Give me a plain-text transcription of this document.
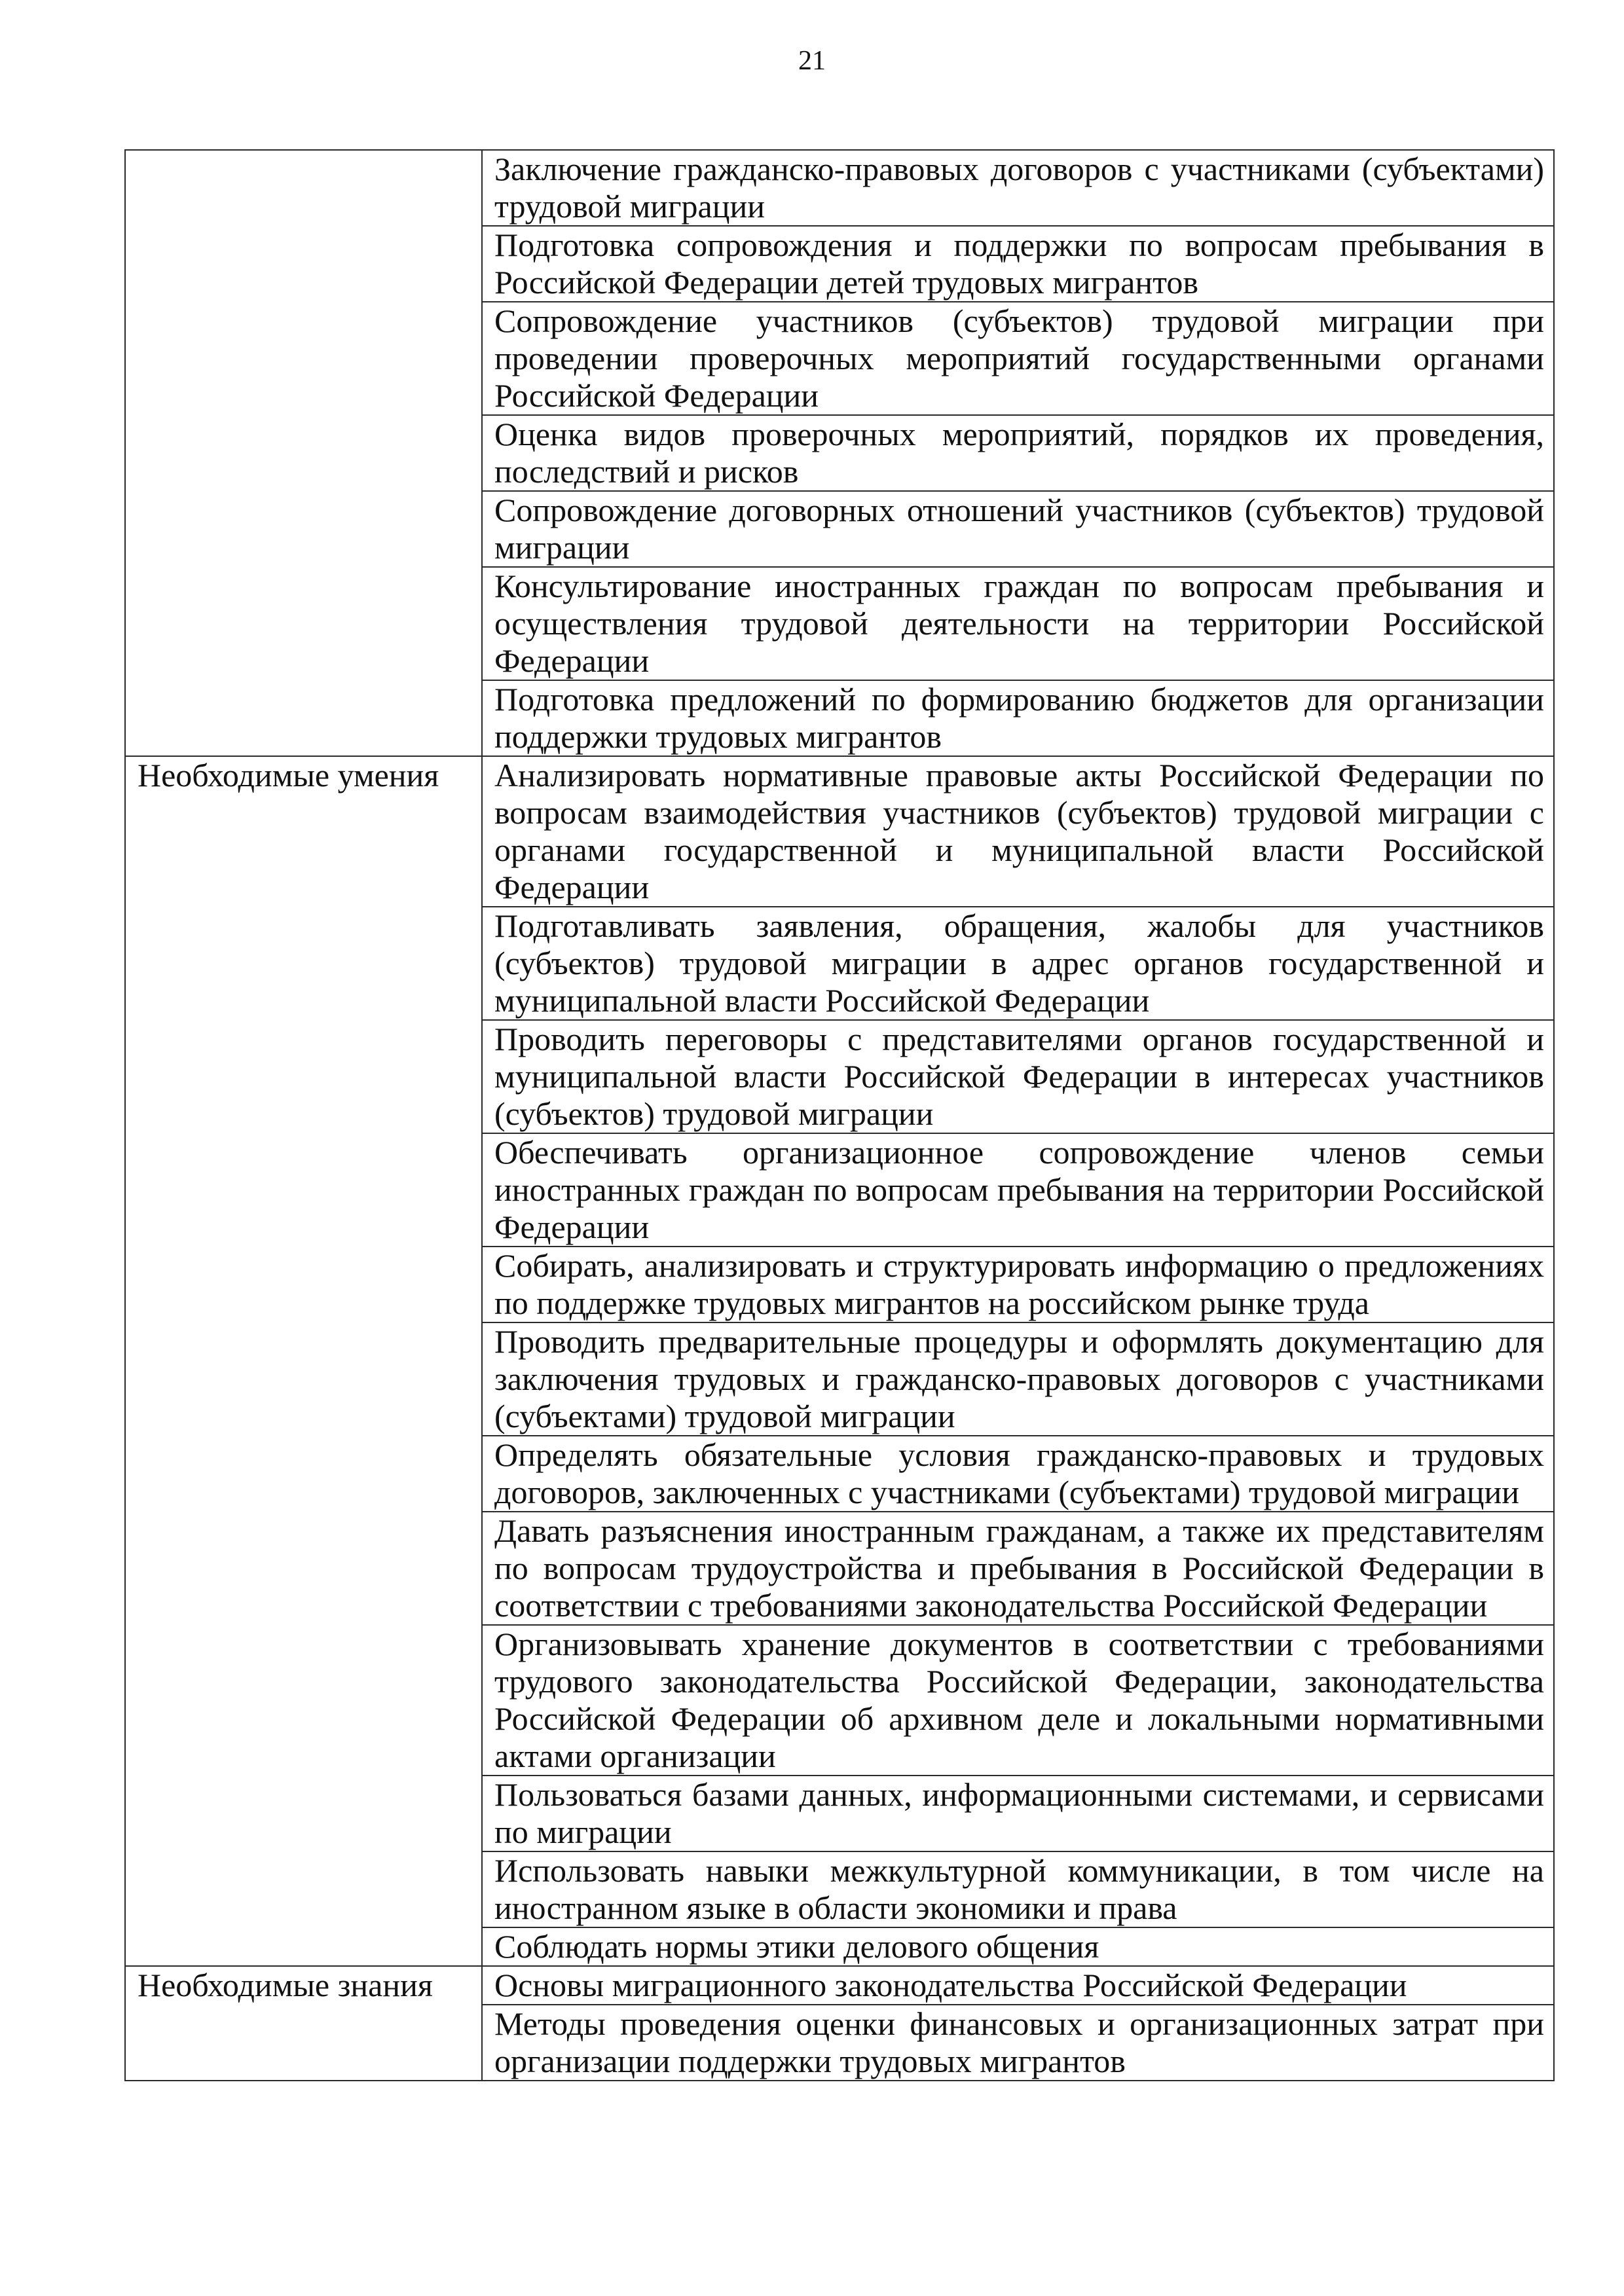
21
	Заключение гражданско-правовых договоров с участниками (субъектами) трудовой миграции
	Подготовка сопровождения и поддержки по вопросам пребывания в Российской Федерации детей трудовых мигрантов
	Сопровождение участников (субъектов) трудовой миграции при проведении проверочных мероприятий государственными органами Российской Федерации
	Оценка видов проверочных мероприятий, порядков их проведения, последствий и рисков
	Сопровождение договорных отношений участников (субъектов) трудовой миграции
	Консультирование иностранных граждан по вопросам пребывания и осуществления трудовой деятельности на территории Российской Федерации
	Подготовка предложений по формированию бюджетов для организации поддержки трудовых мигрантов
Необходимые умения	Анализировать нормативные правовые акты Российской Федерации по вопросам взаимодействия участников (субъектов) трудовой миграции с органами государственной и муниципальной власти Российской Федерации
	Подготавливать заявления, обращения, жалобы для участников (субъектов) трудовой миграции в адрес органов государственной и муниципальной власти Российской Федерации
	Проводить переговоры с представителями органов государственной и муниципальной власти Российской Федерации в интересах участников (субъектов) трудовой миграции
	Обеспечивать организационное сопровождение членов семьи иностранных граждан по вопросам пребывания на территории Российской Федерации
	Собирать, анализировать и структурировать информацию о предложениях по поддержке трудовых мигрантов на российском рынке труда
	Проводить предварительные процедуры и оформлять документацию для заключения трудовых и гражданско-правовых договоров с участниками (субъектами) трудовой миграции
	Определять обязательные условия гражданско-правовых и трудовых договоров, заключенных с участниками (субъектами) трудовой миграции
	Давать разъяснения иностранным гражданам, а также их представителям по вопросам трудоустройства и пребывания в Российской Федерации в соответствии с требованиями законодательства Российской Федерации
	Организовывать хранение документов в соответствии с требованиями трудового законодательства Российской Федерации, законодательства Российской Федерации об архивном деле и локальными нормативными актами организации
	Пользоваться базами данных, информационными системами, и сервисами по миграции
	Использовать навыки межкультурной коммуникации, в том числе на иностранном языке в области экономики и права
	Соблюдать нормы этики делового общения
Необходимые знания	Основы миграционного законодательства Российской Федерации
	Методы проведения оценки финансовых и организационных затрат при организации поддержки трудовых мигрантов
